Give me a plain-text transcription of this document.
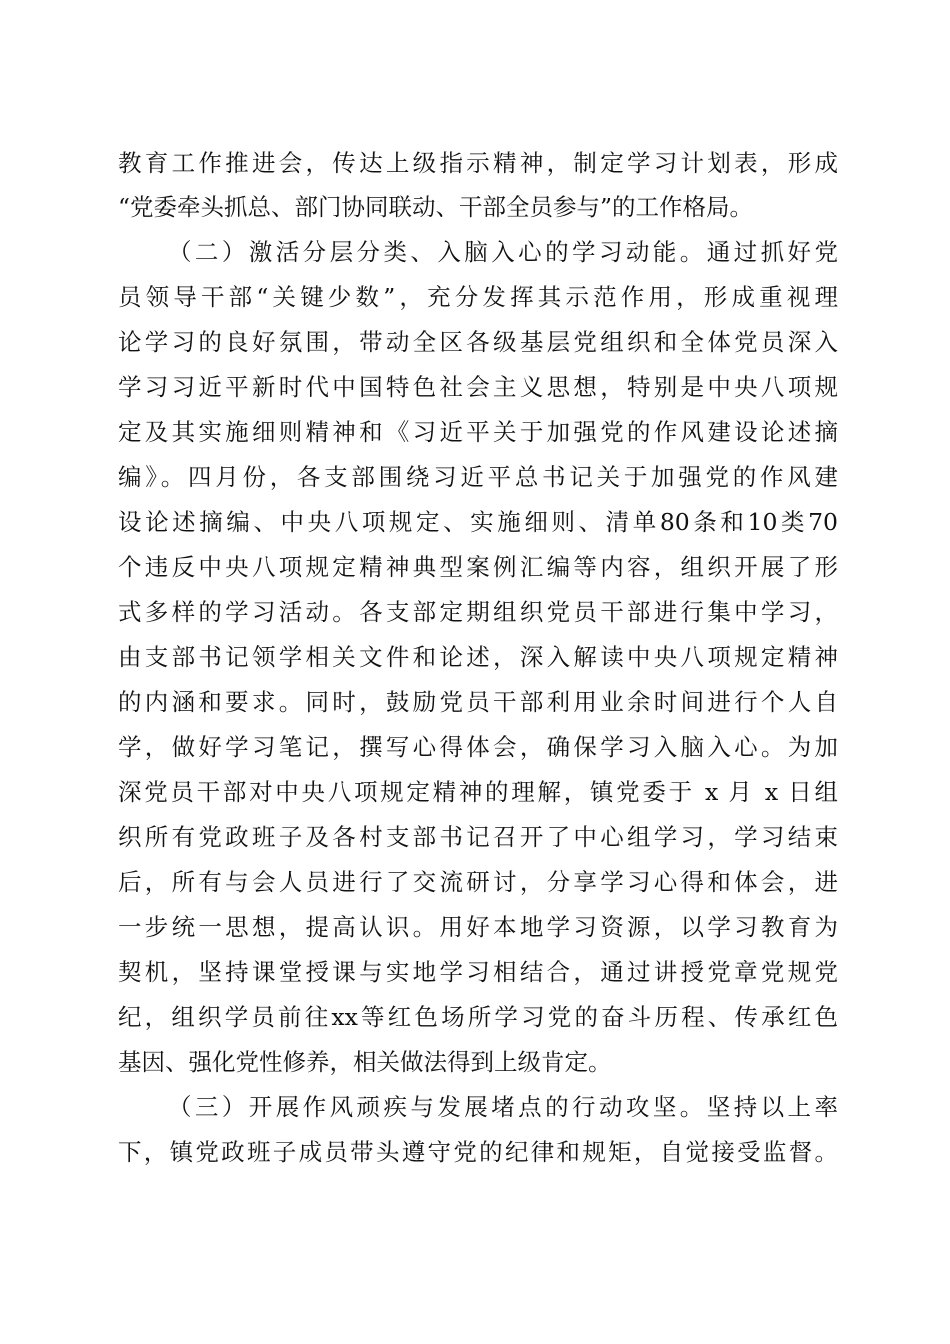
教育工作推进会，传达上级指示精神，制定学习计划表，形成
“党委牵头抓总、部门协同联动、干部全员参与”的工作格局。
（二）激活分层分类、入脑入心的学习动能。通过抓好党
员领导干部“关键少数”，充分发挥其示范作用，形成重视理
论学习的良好氛围，带动全区各级基层党组织和全体党员深入
学习习近平新时代中国特色社会主义思想，特别是中央八项规
定及其实施细则精神和《习近平关于加强党的作风建设论述摘
编》。四月份，各支部围绕习近平总书记关于加强党的作风建
设论述摘编、中央八项规定、实施细则、清单80条和10类70
个违反中央八项规定精神典型案例汇编等内容，组织开展了形
式多样的学习活动。各支部定期组织党员干部进行集中学习，
由支部书记领学相关文件和论述，深入解读中央八项规定精神
的内涵和要求。同时，鼓励党员干部利用业余时间进行个人自
学，做好学习笔记，撰写心得体会，确保学习入脑入心。为加
深党员干部对中央八项规定精神的理解，镇党委于 x 月 x 日组
织所有党政班子及各村支部书记召开了中心组学习，学习结束
后，所有与会人员进行了交流研讨，分享学习心得和体会，进
一步统一思想，提高认识。用好本地学习资源，以学习教育为
契机，坚持课堂授课与实地学习相结合，通过讲授党章党规党
纪，组织学员前往xx等红色场所学习党的奋斗历程、传承红色
基因、强化党性修养，相关做法得到上级肯定。
（三）开展作风顽疾与发展堵点的行动攻坚。坚持以上率
下，镇党政班子成员带头遵守党的纪律和规矩，自觉接受监督。
